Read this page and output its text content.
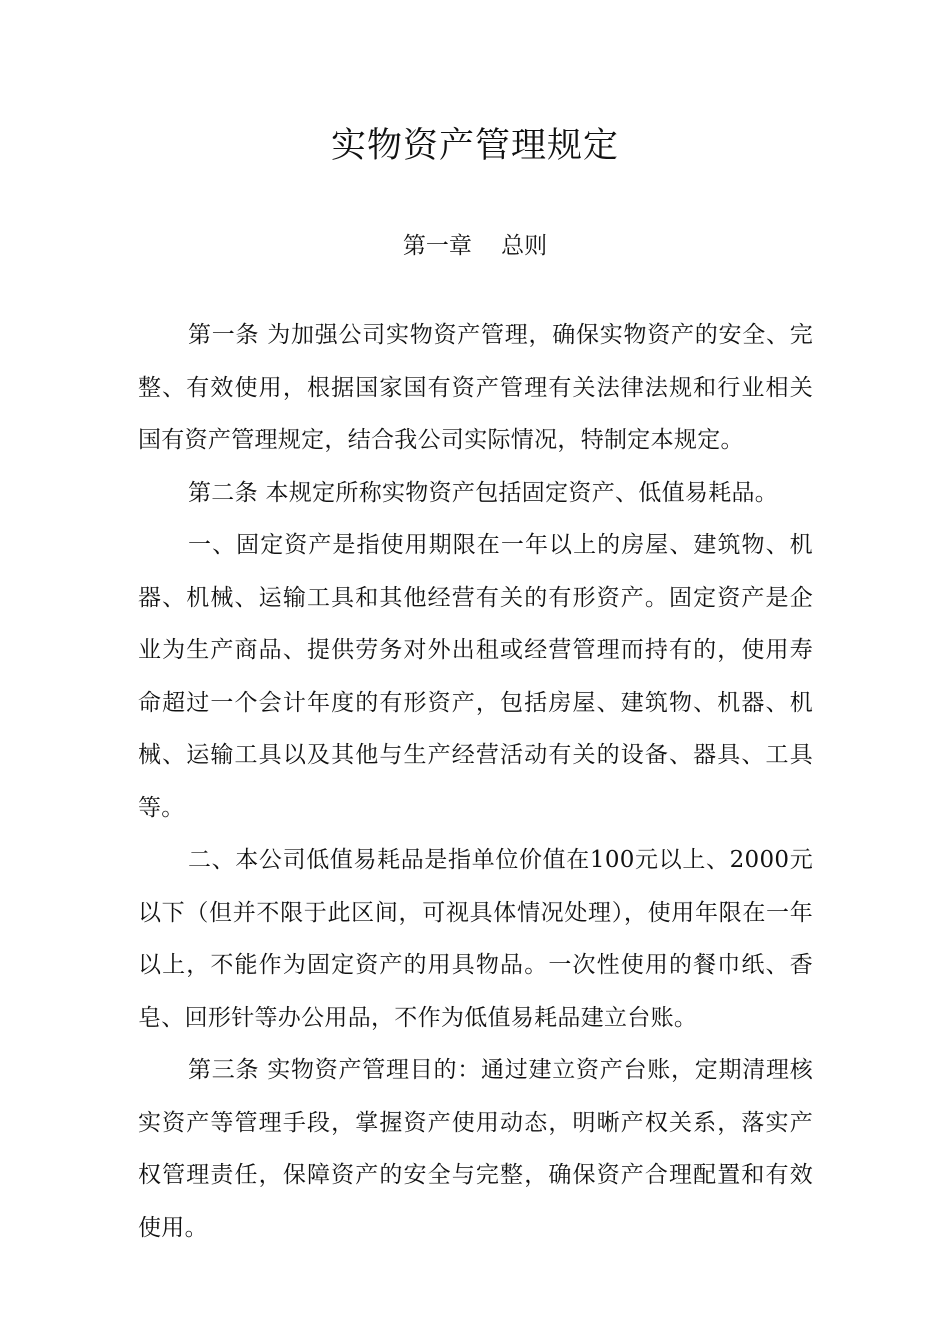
实物资产管理规定
第一章    总则

第一条 为加强公司实物资产管理，确保实物资产的安全、完整、有效使用，根据国家国有资产管理有关法律法规和行业相关国有资产管理规定，结合我公司实际情况，特制定本规定。

第二条 本规定所称实物资产包括固定资产、低值易耗品。

一、固定资产是指使用期限在一年以上的房屋、建筑物、机器、机械、运输工具和其他经营有关的有形资产。固定资产是企业为生产商品、提供劳务对外出租或经营管理而持有的，使用寿命超过一个会计年度的有形资产，包括房屋、建筑物、机器、机械、运输工具以及其他与生产经营活动有关的设备、器具、工具等。

二、本公司低值易耗品是指单位价值在100元以上、2000元以下（但并不限于此区间，可视具体情况处理），使用年限在一年以上，不能作为固定资产的用具物品。一次性使用的餐巾纸、香皂、回形针等办公用品，不作为低值易耗品建立台账。

第三条 实物资产管理目的：通过建立资产台账，定期清理核实资产等管理手段，掌握资产使用动态，明晰产权关系，落实产权管理责任，保障资产的安全与完整，确保资产合理配置和有效使用。
